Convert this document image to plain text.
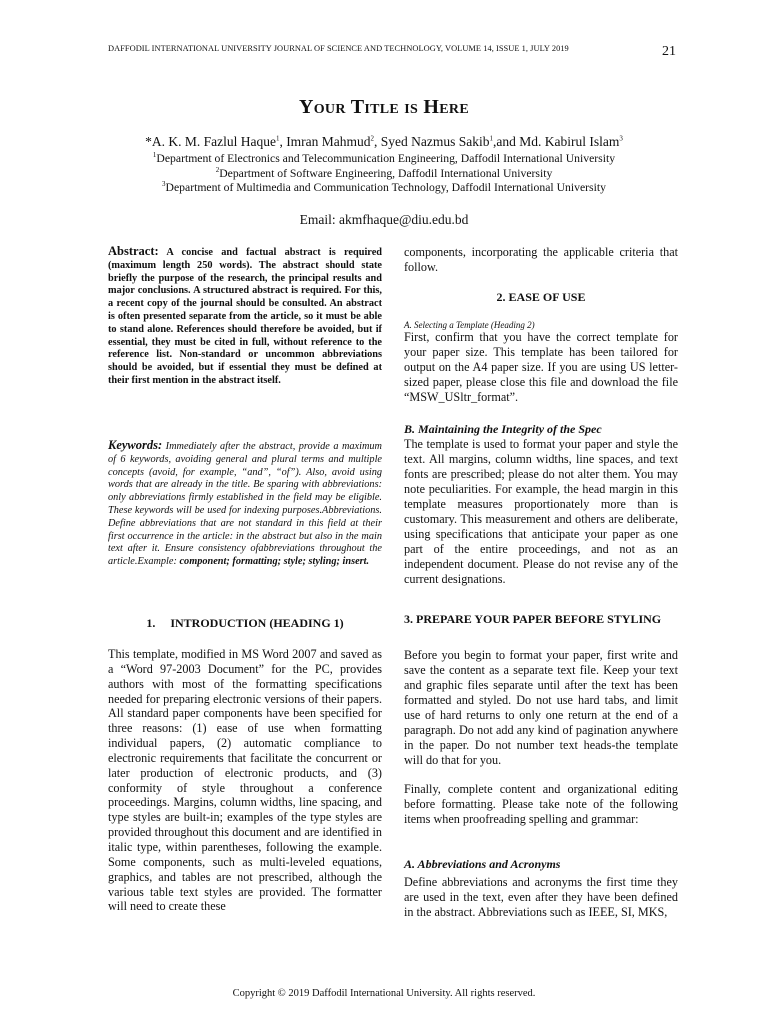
DAFFODIL INTERNATIONAL UNIVERSITY JOURNAL OF SCIENCE AND TECHNOLOGY, VOLUME 14, ISSUE 1, JULY 2019	21
Your Title is Here
*A. K. M. Fazlul Haque$^1$, Imran Mahmud$^2$, Syed Nazmus Sakib$^1$,and Md. Kabirul Islam$^3$
$^1$Department of Electronics and Telecommunication Engineering, Daffodil International University
$^2$Department of Software Engineering, Daffodil International University
$^3$Department of Multimedia and Communication Technology, Daffodil International University
Email: akmfhaque@diu.edu.bd

Abstract: A concise and factual abstract is required (maximum length 250 words). The abstract should state briefly the purpose of the research, the principal results and major conclusions. A structured abstract is required. For this, a recent copy of the journal should be consulted. An abstract is often presented separate from the article, so it must be able to stand alone. References should therefore be avoided, but if essential, they must be cited in full, without reference to the reference list. Non-standard or uncommon abbreviations should be avoided, but if essential they must be defined at their first mention in the abstract itself.

Keywords: Immediately after the abstract, provide a maximum of 6 keywords, avoiding general and plural terms and multiple concepts (avoid, for example, “and”, “of”). Also, avoid using words that are already in the title. Be sparing with abbreviations: only abbreviations firmly established in the field may be eligible. These keywords will be used for indexing purposes.Abbreviations. Define abbreviations that are not standard in this field at their first occurrence in the article: in the abstract but also in the main text after it. Ensure consistency ofabbreviations throughout the article.Example: component; formatting; style; styling; insert.

1.     INTRODUCTION (HEADING 1)

This template, modified in MS Word 2007 and saved as a “Word 97-2003 Document” for the PC, provides authors with most of the formatting specifications needed for preparing electronic versions of their papers. All standard paper components have been specified for three reasons: (1) ease of use when formatting individual papers, (2) automatic compliance to electronic requirements that facilitate the concurrent or later production of electronic products, and (3) conformity of style throughout a conference proceedings. Margins, column widths, line spacing, and type styles are built-in; examples of the type styles are provided throughout this document and are identified in italic type, within parentheses, following the example. Some components, such as multi-leveled equations, graphics, and tables are not prescribed, although the various table text styles are provided. The formatter will need to create these

components, incorporating the applicable criteria that follow.

2. EASE OF USE

A. Selecting a Template (Heading 2)

First, confirm that you have the correct template for your paper size. This template has been tailored for output on the A4 paper size. If you are using US letter-sized paper, please close this file and download the file “MSW_USltr_format”.

B. Maintaining the Integrity of the Spec

The template is used to format your paper and style the text. All margins, column widths, line spaces, and text fonts are prescribed; please do not alter them. You may note peculiarities. For example, the head margin in this template measures proportionately more than is customary. This measurement and others are deliberate, using specifications that anticipate your paper as one part of the entire proceedings, and not as an independent document. Please do not revise any of the current designations.

3. PREPARE YOUR PAPER BEFORE STYLING

Before you begin to format your paper, first write and save the content as a separate text file. Keep your text and graphic files separate until after the text has been formatted and styled. Do not use hard tabs, and limit use of hard returns to only one return at the end of a paragraph. Do not add any kind of pagination anywhere in the paper. Do not number text heads-the template will do that for you.

Finally, complete content and organizational editing before formatting. Please take note of the following items when proofreading spelling and grammar:

A. Abbreviations and Acronyms

Define abbreviations and acronyms the first time they are used in the text, even after they have been defined in the abstract. Abbreviations such as IEEE, SI, MKS,

Copyright © 2019 Daffodil International University. All rights reserved.
